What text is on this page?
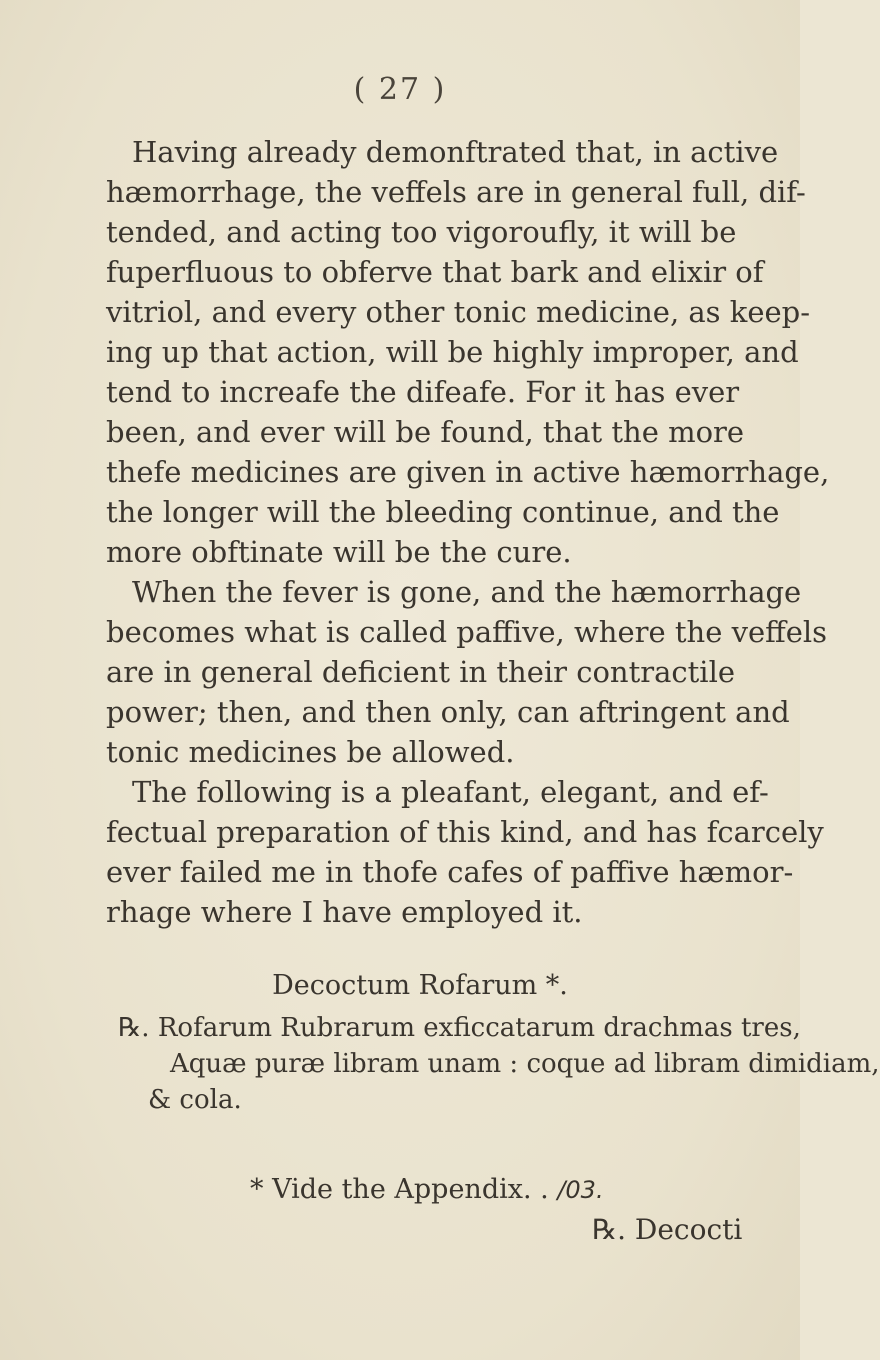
( 27 )
Having already demonftrated that, in active
hæmorrhage, the veffels are in general full, dif-
tended, and acting too vigoroufly, it will be
fuperfluous to obferve that bark and elixir of
vitriol, and every other tonic medicine, as keep-
ing up that action, will be highly improper, and
tend to increafe the difeafe. For it has ever
been, and ever will be found, that the more
thefe medicines are given in active hæmorrhage,
the longer will the bleeding continue, and the
more obftinate will be the cure.
When the fever is gone, and the hæmorrhage
becomes what is called paffive, where the veffels
are in general deficient in their contractile
power; then, and then only, can aftringent and
tonic medicines be allowed.
The following is a pleafant, elegant, and ef-
fectual preparation of this kind, and has fcarcely
ever failed me in thofe cafes of paffive hæmor-
rhage where I have employed it.
Decoctum Rofarum *.
℞. Rofarum Rubrarum exficcatarum drachmas tres,
Aquæ puræ libram unam : coque ad libram dimidiam,
& cola.
* Vide the Appendix. . /03.
℞. Decocti
